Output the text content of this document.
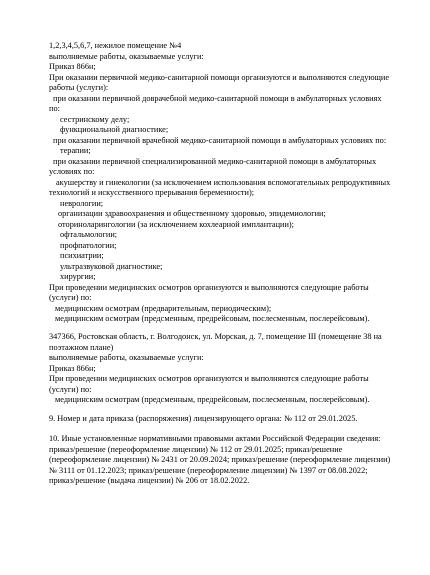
1,2,3,4,5,6,7, нежилое помещение №4
выполняемые работы, оказываемые услуги:
Приказ 866н;
При оказании первичной медико-санитарной помощи организуются и выполняются следующие
работы (услуги):
при оказании первичной доврачебной медико-санитарной помощи в амбулаторных условиях
по:
сестринскому делу;
функциональной диагностике;
при оказании первичной врачебной медико-санитарной помощи в амбулаторных условиях по:
терапии;
при оказании первичной специализированной медико-санитарной помощи в амбулаторных
условиях по:
акушерству и гинекологии (за исключением использования вспомогательных репродуктивных
технологий и искусственного прерывания беременности);
неврологии;
организации здравоохранения и общественному здоровью, эпидемиологии;
оториноларингологии (за исключением кохлеарной имплантации);
офтальмологии;
профпатологии;
психиатрии;
ультразвуковой диагностике;
хирургии;
При проведении медицинских осмотров организуются и выполняются следующие работы
(услуги) по:
медицинским осмотрам (предварительным, периодическим);
медицинским осмотрам (предсменным, предрейсовым, послесменным, послерейсовым).
347366, Ростовская область, г. Волгодонск, ул. Морская, д. 7, помещение III (помещение 38 на
поэтажном плане)
выполняемые работы, оказываемые услуги:
Приказ 866н;
При проведении медицинских осмотров организуются и выполняются следующие работы
(услуги) по:
медицинским осмотрам (предсменным, предрейсовым, послесменным, послерейсовым).
9. Номер и дата приказа (распоряжения) лицензирующего органа: № 112 от 29.01.2025.
10. Иные установленные нормативными правовыми актами Российской Федерации сведения:
приказ/решение (переоформление лицензии) № 112 от 29.01.2025; приказ/решение
(переоформление лицензии) № 2431 от 20.09.2024; приказ/решение (переоформление лицензии)
№ 3111 от 01.12.2023; приказ/решение (переоформление лицензии) № 1397 от 08.08.2022;
приказ/решение (выдача лицензии) № 206 от 18.02.2022.
